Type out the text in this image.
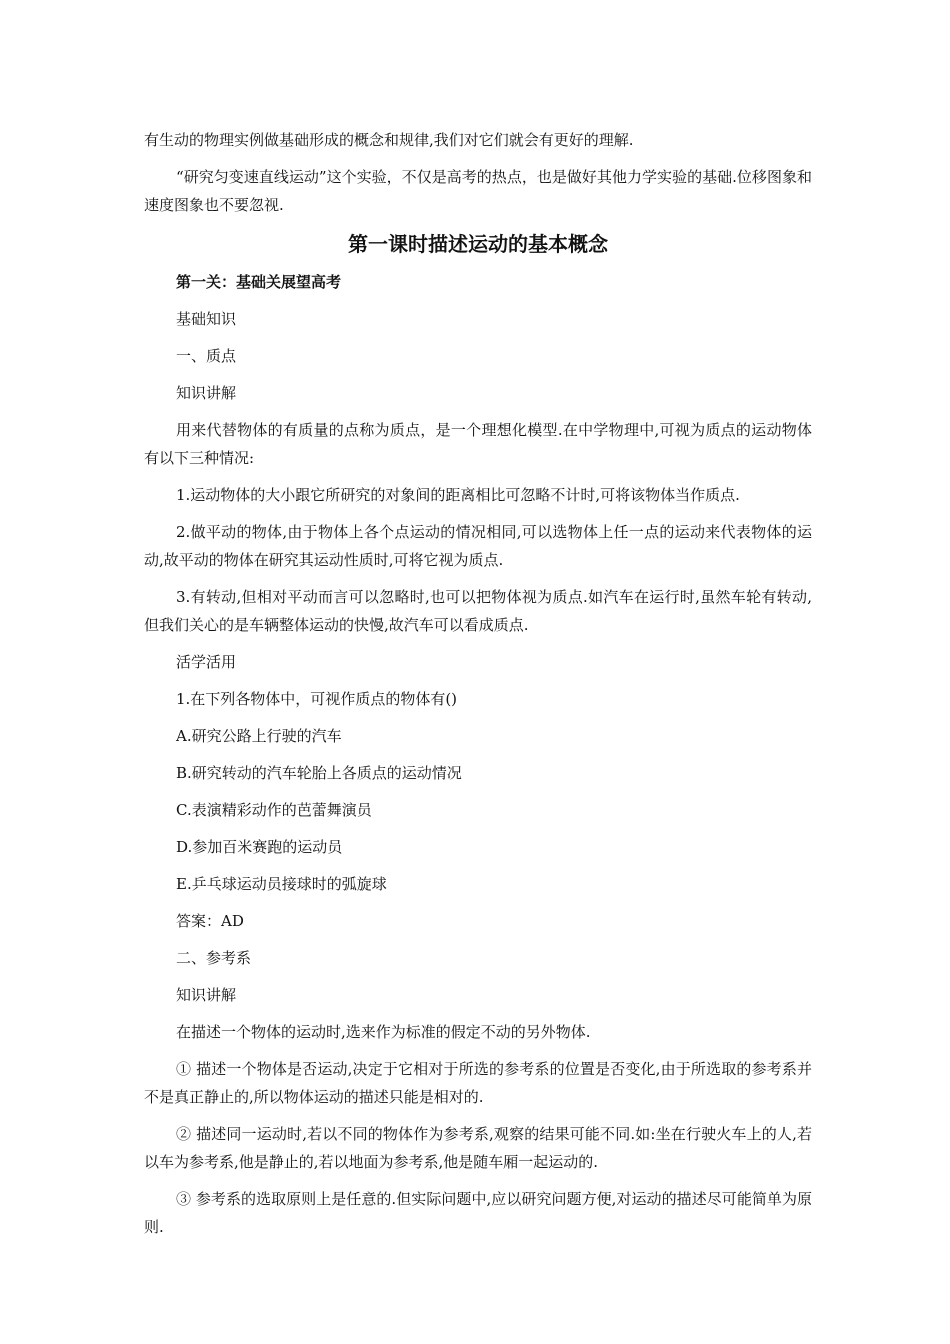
有生动的物理实例做基础形成的概念和规律,我们对它们就会有更好的理解.

“研究匀变速直线运动”这个实验，不仅是高考的热点，也是做好其他力学实验的基础.位移图象和速度图象也不要忽视.

第一课时描述运动的基本概念

第一关：基础关展望高考

基础知识

一、质点

知识讲解

用来代替物体的有质量的点称为质点，是一个理想化模型.在中学物理中,可视为质点的运动物体有以下三种情况:

1.运动物体的大小跟它所研究的对象间的距离相比可忽略不计时,可将该物体当作质点.

2.做平动的物体,由于物体上各个点运动的情况相同,可以选物体上任一点的运动来代表物体的运动,故平动的物体在研究其运动性质时,可将它视为质点.

3.有转动,但相对平动而言可以忽略时,也可以把物体视为质点.如汽车在运行时,虽然车轮有转动,但我们关心的是车辆整体运动的快慢,故汽车可以看成质点.

活学活用

1.在下列各物体中，可视作质点的物体有()

A.研究公路上行驶的汽车

B.研究转动的汽车轮胎上各质点的运动情况

C.表演精彩动作的芭蕾舞演员

D.参加百米赛跑的运动员

E.乒乓球运动员接球时的弧旋球

答案：AD

二、参考系

知识讲解

在描述一个物体的运动时,选来作为标准的假定不动的另外物体.

① 描述一个物体是否运动,决定于它相对于所选的参考系的位置是否变化,由于所选取的参考系并不是真正静止的,所以物体运动的描述只能是相对的.

② 描述同一运动时,若以不同的物体作为参考系,观察的结果可能不同.如:坐在行驶火车上的人,若以车为参考系,他是静止的,若以地面为参考系,他是随车厢一起运动的.

③ 参考系的选取原则上是任意的.但实际问题中,应以研究问题方便,对运动的描述尽可能简单为原则.
